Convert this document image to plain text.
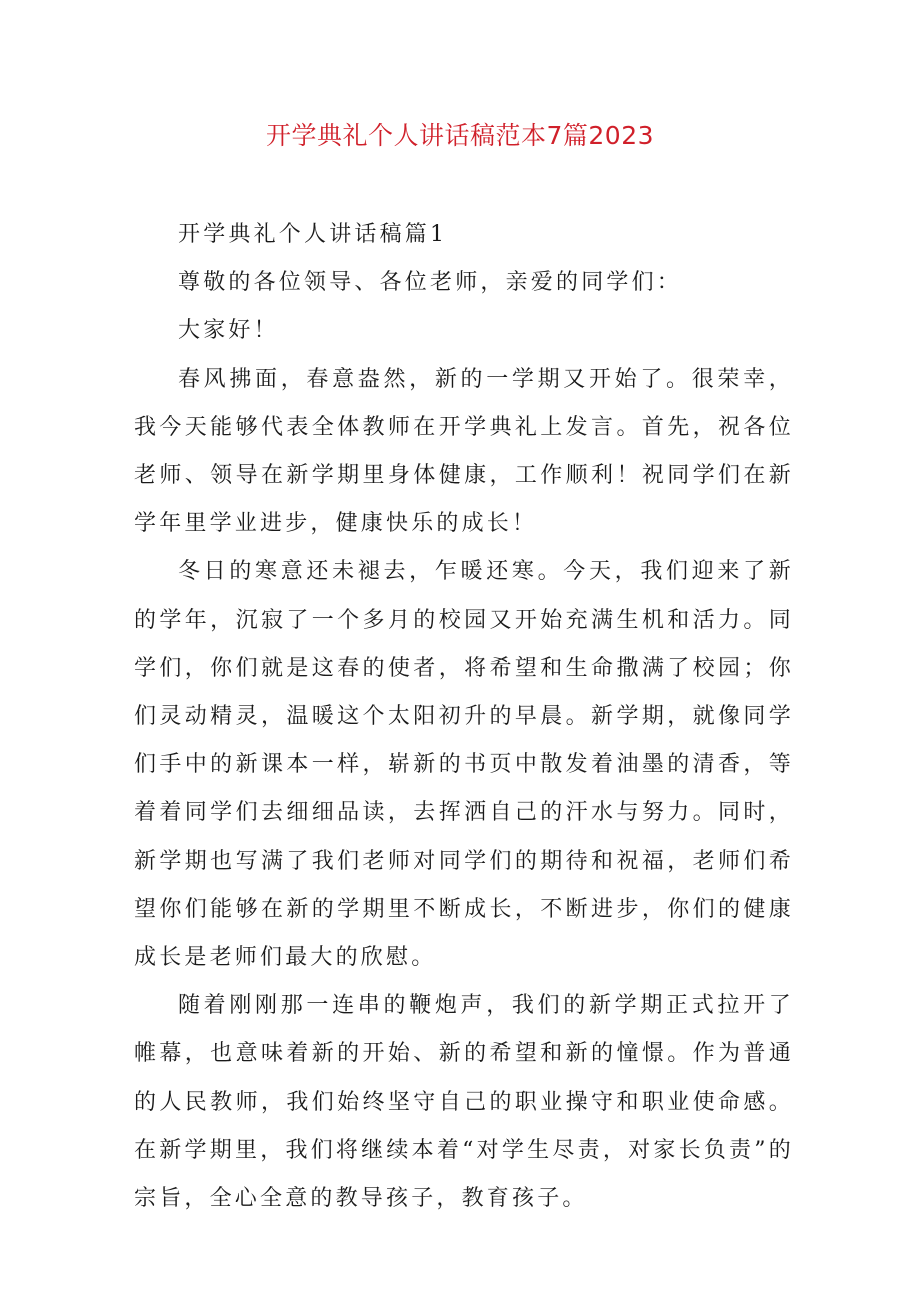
开学典礼个人讲话稿范本7篇2023

开学典礼个人讲话稿篇1

尊敬的各位领导、各位老师，亲爱的同学们：

大家好！

春风拂面，春意盎然，新的一学期又开始了。很荣幸，我今天能够代表全体教师在开学典礼上发言。首先，祝各位老师、领导在新学期里身体健康，工作顺利！祝同学们在新学年里学业进步，健康快乐的成长！

冬日的寒意还未褪去，乍暖还寒。今天，我们迎来了新的学年，沉寂了一个多月的校园又开始充满生机和活力。同学们，你们就是这春的使者，将希望和生命撒满了校园；你们灵动精灵，温暖这个太阳初升的早晨。新学期，就像同学们手中的新课本一样，崭新的书页中散发着油墨的清香，等着着同学们去细细品读，去挥洒自己的汗水与努力。同时，新学期也写满了我们老师对同学们的期待和祝福，老师们希望你们能够在新的学期里不断成长，不断进步，你们的健康成长是老师们最大的欣慰。

随着刚刚那一连串的鞭炮声，我们的新学期正式拉开了帷幕，也意味着新的开始、新的希望和新的憧憬。作为普通的人民教师，我们始终坚守自己的职业操守和职业使命感。在新学期里，我们将继续本着“对学生尽责，对家长负责”的宗旨，全心全意的教导孩子，教育孩子。
